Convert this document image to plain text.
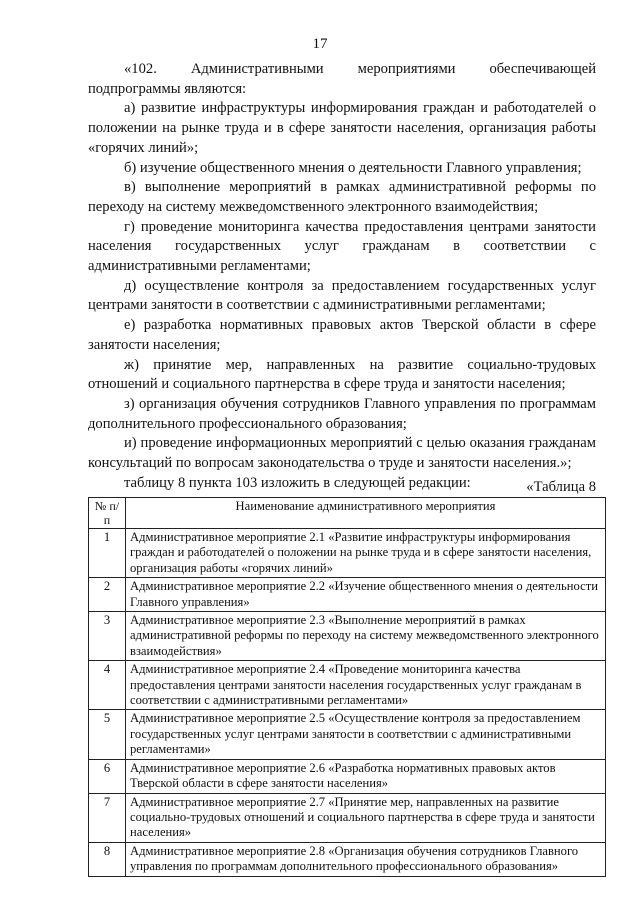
17

«102. Административными мероприятиями обеспечивающей подпрограммы являются:

а) развитие инфраструктуры информирования граждан и работодателей о положении на рынке труда и в сфере занятости населения, организация работы «горячих линий»;

б) изучение общественного мнения о деятельности Главного управления;

в) выполнение мероприятий в рамках административной реформы по переходу на систему межведомственного электронного взаимодействия;

г) проведение мониторинга качества предоставления центрами занятости населения государственных услуг гражданам в соответствии с административными регламентами;

д) осуществление контроля за предоставлением государственных услуг центрами занятости в соответствии с административными регламентами;

е) разработка нормативных правовых актов Тверской области в сфере занятости населения;

ж) принятие мер, направленных на развитие социально-трудовых отношений и социального партнерства в сфере труда и занятости населения;

з) организация обучения сотрудников Главного управления по программам дополнительного профессионального образования;

и) проведение информационных мероприятий с целью оказания гражданам консультаций по вопросам законодательства о труде и занятости населения.»;

таблицу 8 пункта 103 изложить в следующей редакции:	«Таблица 8
№ п/п	Наименование административного мероприятия
1	Административное мероприятие 2.1 «Развитие инфраструктуры информирования граждан и работодателей о положении на рынке труда и в сфере занятости населения, организация работы «горячих линий»
2	Административное мероприятие 2.2 «Изучение общественного мнения о деятельности Главного управления»
3	Административное мероприятие 2.3 «Выполнение мероприятий в рамках административной реформы по переходу на систему межведомственного электронного взаимодействия»
4	Административное мероприятие 2.4 «Проведение мониторинга качества предоставления центрами занятости населения государственных услуг гражданам в соответствии с административными регламентами»
5	Административное мероприятие 2.5 «Осуществление контроля за предоставлением государственных услуг центрами занятости в соответствии с административными регламентами»
6	Административное мероприятие 2.6 «Разработка нормативных правовых актов Тверской области в сфере занятости населения»
7	Административное мероприятие 2.7 «Принятие мер, направленных на развитие социально-трудовых отношений и социального партнерства в сфере труда и занятости населения»
8	Административное мероприятие 2.8 «Организация обучения сотрудников Главного управления по программам дополнительного профессионального образования»
